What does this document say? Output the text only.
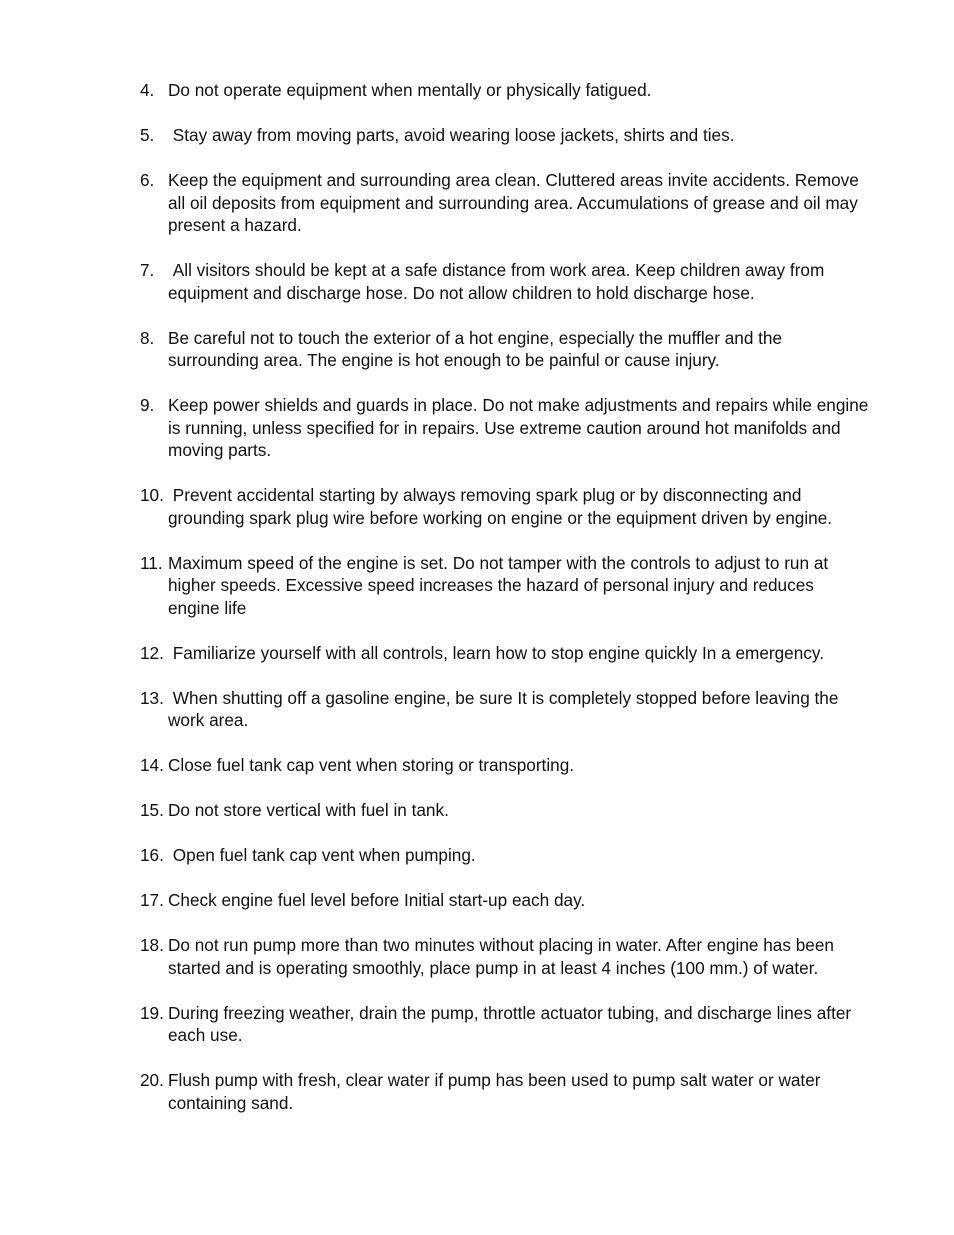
4. Do not operate equipment when mentally or physically fatigued.
5. Stay away from moving parts, avoid wearing loose jackets, shirts and ties.
6. Keep the equipment and surrounding area clean. Cluttered areas invite accidents. Remove all oil deposits from equipment and surrounding area. Accumulations of grease and oil may present a hazard.
7. All visitors should be kept at a safe distance from work area. Keep children away from equipment and discharge hose. Do not allow children to hold discharge hose.
8. Be careful not to touch the exterior of a hot engine, especially the muffler and the surrounding area. The engine is hot enough to be painful or cause injury.
9. Keep power shields and guards in place. Do not make adjustments and repairs while engine is running, unless specified for in repairs. Use extreme caution around hot manifolds and moving parts.
10. Prevent accidental starting by always removing spark plug or by disconnecting and grounding spark plug wire before working on engine or the equipment driven by engine.
11. Maximum speed of the engine is set. Do not tamper with the controls to adjust to run at higher speeds. Excessive speed increases the hazard of personal injury and reduces engine life
12. Familiarize yourself with all controls, learn how to stop engine quickly In a emergency.
13. When shutting off a gasoline engine, be sure It is completely stopped before leaving the work area.
14. Close fuel tank cap vent when storing or transporting.
15. Do not store vertical with fuel in tank.
16. Open fuel tank cap vent when pumping.
17. Check engine fuel level before Initial start-up each day.
18. Do not run pump more than two minutes without placing in water. After engine has been started and is operating smoothly, place pump in at least 4 inches (100 mm.) of water.
19. During freezing weather, drain the pump, throttle actuator tubing, and discharge lines after each use.
20. Flush pump with fresh, clear water if pump has been used to pump salt water or water containing sand.
